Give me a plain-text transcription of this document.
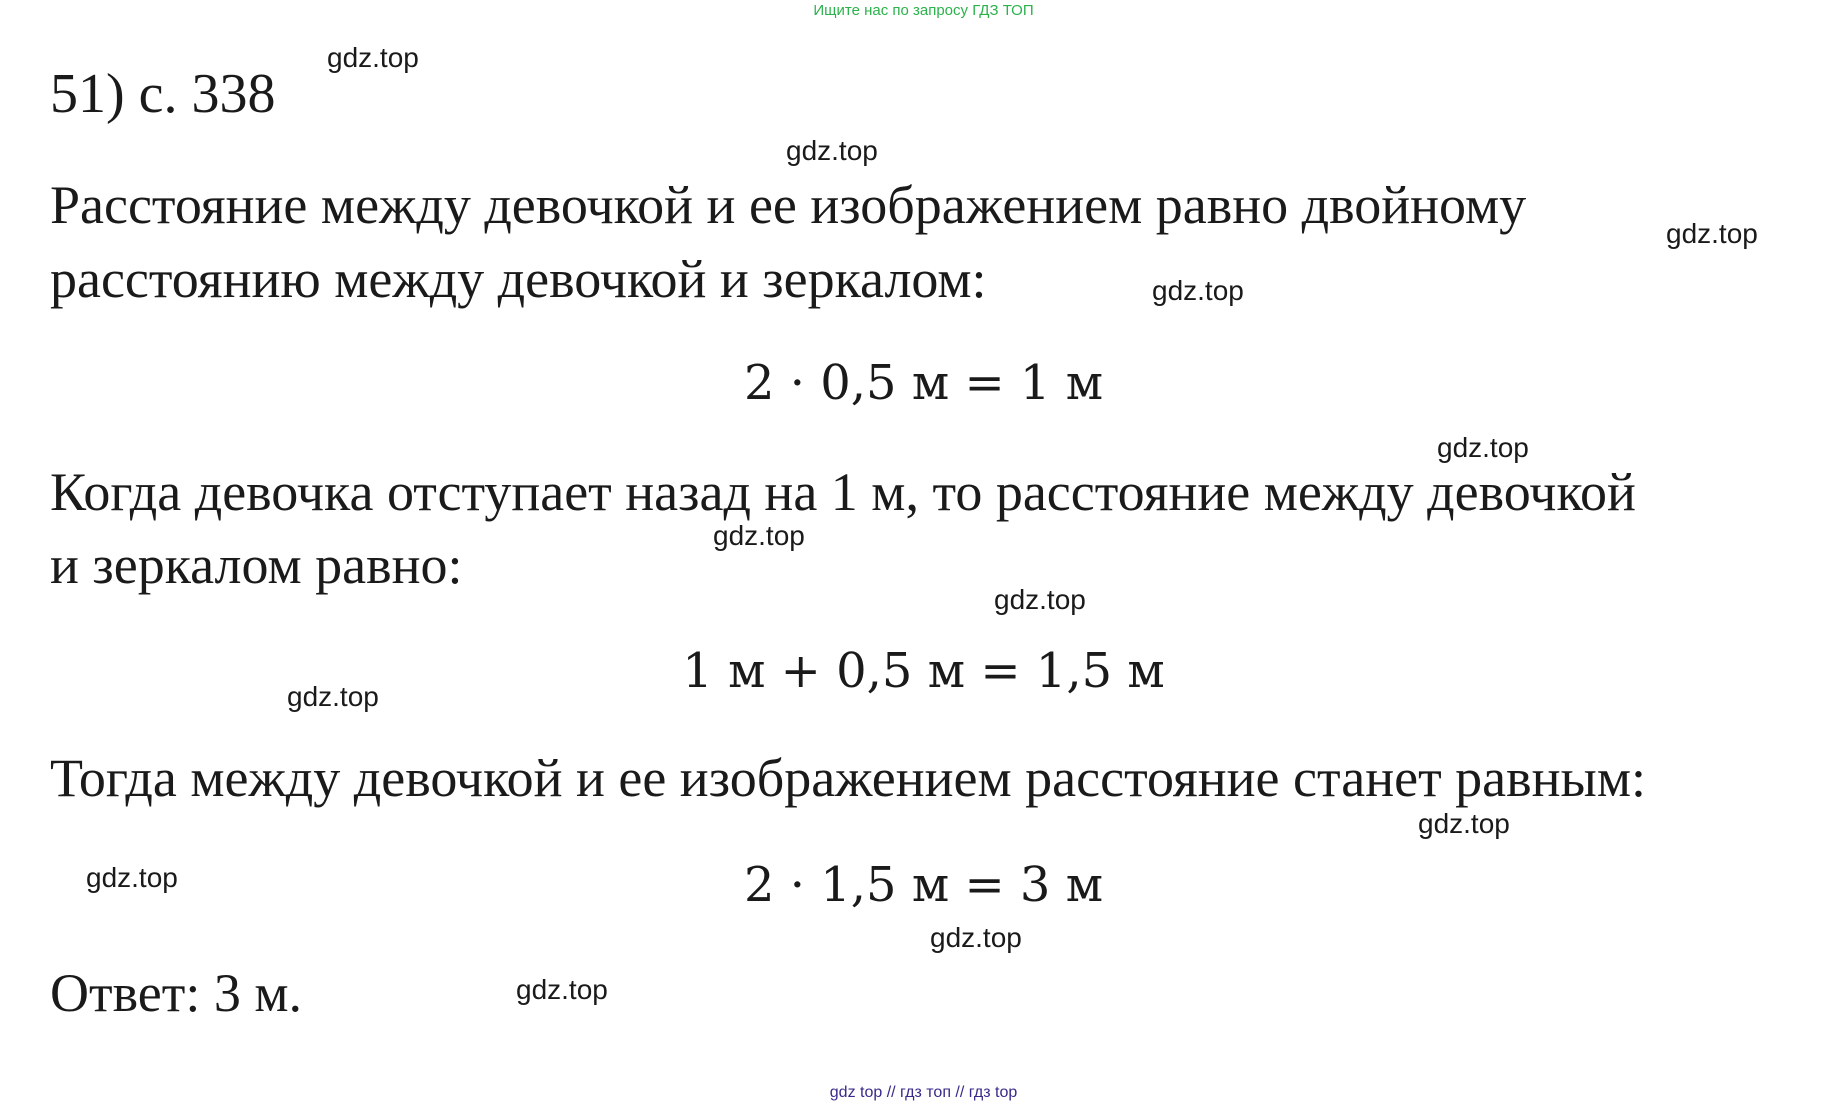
Ищите нас по запросу ГДЗ ТОП
51) с. 338
Расстояние между девочкой и ее изображением равно двойному
расстоянию между девочкой и зеркалом:
2 · 0,5 м = 1 м
Когда девочка отступает назад на 1 м, то расстояние между девочкой
и зеркалом равно:
1 м + 0,5 м = 1,5 м
Тогда между девочкой и ее изображением расстояние станет равным:
2 · 1,5 м = 3 м
Ответ: 3 м.
gdz.top
gdz.top
gdz.top
gdz.top
gdz.top
gdz.top
gdz.top
gdz.top
gdz.top
gdz.top
gdz.top
gdz.top
gdz top // гдз топ // гдз top
